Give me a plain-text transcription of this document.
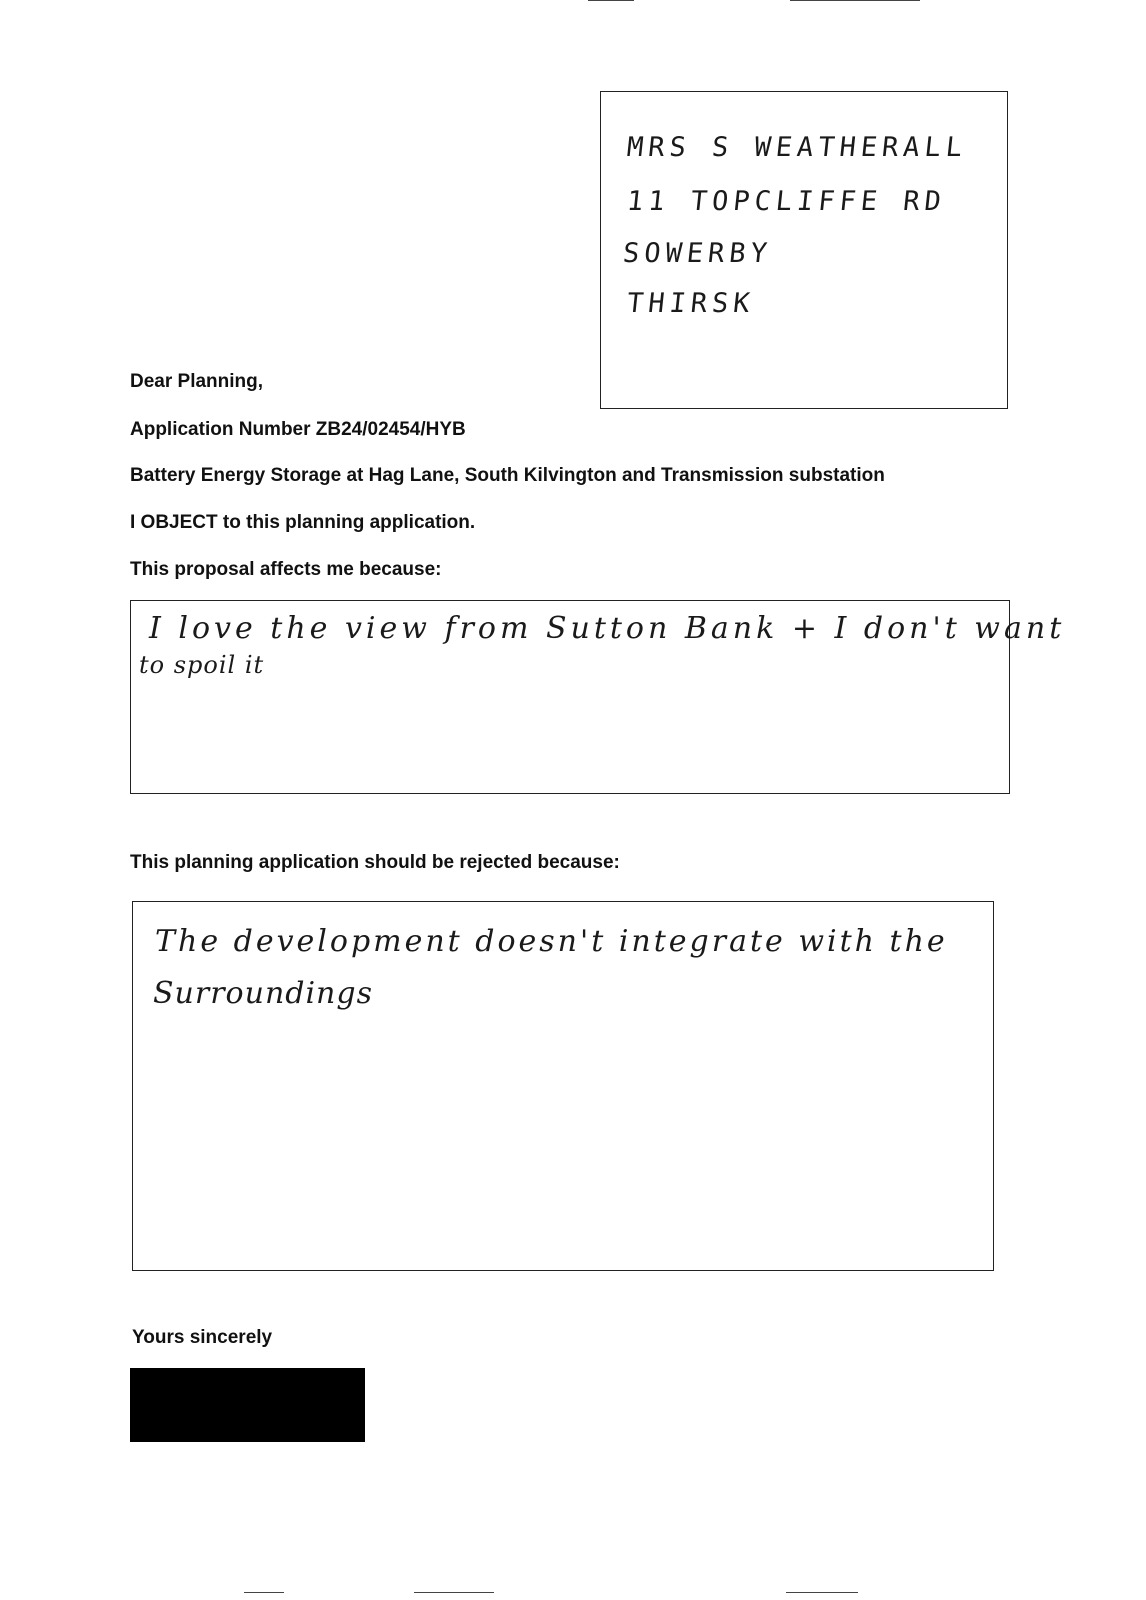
MRS S WEATHERALL
11 TOPCLIFFE RD
SOWERBY
THIRSK
Dear Planning,
Application Number ZB24/02454/HYB
Battery Energy Storage at Hag Lane, South Kilvington and Transmission substation
I OBJECT to this planning application.
This proposal affects me because:
I love the view from Sutton Bank + I don't want
to spoil it
This planning application should be rejected because:
The development doesn't integrate with the
Surroundings
Yours sincerely
